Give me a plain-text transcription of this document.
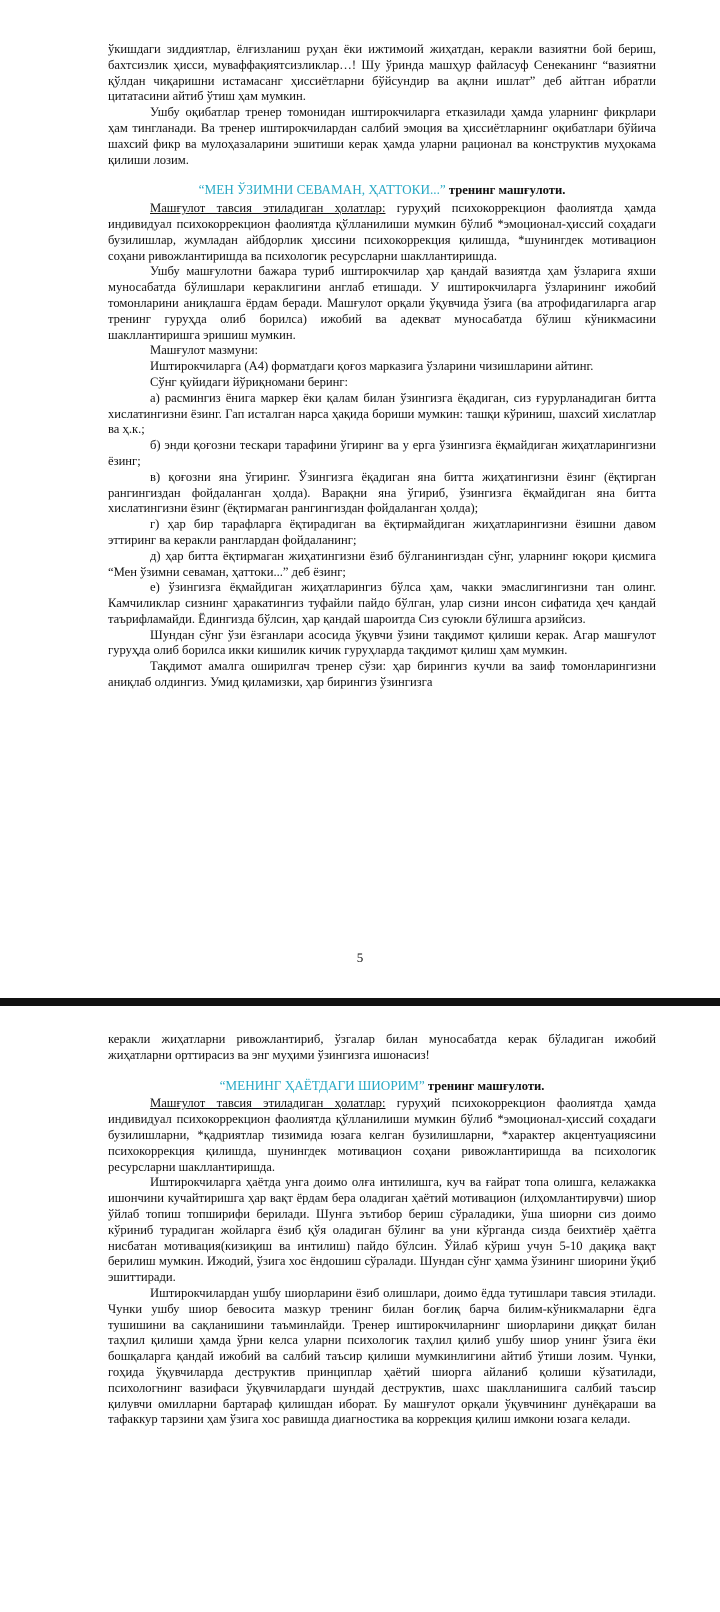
ўкишдаги зиддиятлар, ёлғизланиш руҳан ёки ижтимоий жиҳатдан, керакли вазиятни бой бериш, бахтсизлик ҳисси, муваффақиятсизликлар…! Шу ўринда машҳур файласуф Сенеканинг “вазиятни қўлдан чиқаришни истамасанг ҳиссиётларни бўйсундир ва ақлни ишлат” деб айтган ибратли цитатасини айтиб ўтиш ҳам мумкин.

Ушбу оқибатлар тренер томонидан иштирокчиларга етказилади ҳамда уларнинг фикрлари ҳам тингланади. Ва тренер иштирокчилардан салбий эмоция ва ҳиссиётларнинг оқибатлари бўйича шахсий фикр ва мулоҳазаларини эшитиши керак ҳамда уларни рационал ва конструктив муҳокама қилиши лозим.

“МЕН ЎЗИМНИ СЕВАМАН, ҲАТТОКИ...” тренинг машғулоти.

Машғулот тавсия этиладиган ҳолатлар: гуруҳий психокоррекцион фаолиятда ҳамда индивидуал психокоррекцион фаолиятда қўлланилиши мумкин бўлиб *эмоционал-ҳиссий соҳадаги бузилишлар, жумладан айбдорлик ҳиссини психокоррекция қилишда, *шунингдек мотивацион соҳани ривожлантиришда ва психологик ресурсларни шакллантиришда.

Ушбу машғулотни бажара туриб иштирокчилар ҳар қандай вазиятда ҳам ўзларига яхши муносабатда бўлишлари кераклигини англаб етишади. У иштирокчиларга ўзларининг ижобий томонларини аниқлашга ёрдам беради. Машғулот орқали ўқувчида ўзига (ва атрофидагиларга агар тренинг гуруҳда олиб борилса) ижобий ва адекват муносабатда бўлиш кўникмасини шакллантиришга эришиш мумкин.

Машғулот мазмуни:

Иштирокчиларга (А4) форматдаги қоғоз марказига ўзларини чизишларини айтинг.

Сўнг қуйидаги йўриқномани беринг:

а) расмингиз ёнига маркер ёки қалам билан ўзингизга ёқадиган, сиз ғурурланадиган битта хислатингизни ёзинг. Гап исталган нарса ҳақида бориши мумкин: ташқи кўриниш, шахсий хислатлар ва ҳ.к.;

б) энди қоғозни тескари тарафини ўгиринг ва у ерга ўзингизга ёқмайдиган жиҳатларингизни ёзинг;

в) қоғозни яна ўгиринг. Ўзингизга ёқадиган яна битта жиҳатингизни ёзинг (ёқтирган рангингиздан фойдаланган ҳолда). Варақни яна ўгириб, ўзингизга ёқмайдиган яна битта хислатингизни ёзинг (ёқтирмаган рангингиздан фойдаланган ҳолда);

г) ҳар бир тарафларга ёқтирадиган ва ёқтирмайдиган жиҳатларингизни ёзишни давом эттиринг ва керакли ранглардан фойдаланинг;

д) ҳар битта ёқтирмаган жиҳатингизни ёзиб бўлганингиздан сўнг, уларнинг юқори қисмига “Мен ўзимни севаман, ҳаттоки...” деб ёзинг;

е) ўзингизга ёқмайдиган жиҳатларингиз бўлса ҳам, чакки эмаслигингизни тан олинг. Камчиликлар сизнинг ҳаракатингиз туфайли пайдо бўлган, улар сизни инсон сифатида ҳеч қандай таърифламайди. Ёдингизда бўлсин, ҳар қандай шароитда Сиз суюкли бўлишга арзийсиз.

Шундан сўнг ўзи ёзганлари асосида ўқувчи ўзини тақдимот қилиши керак. Агар машғулот гуруҳда олиб борилса икки кишилик кичик гуруҳларда тақдимот қилиш ҳам мумкин.

Тақдимот амалга оширилгач тренер сўзи: ҳар бирингиз кучли ва заиф томонларингизни аниқлаб олдингиз. Умид қиламизки, ҳар бирингиз ўзингизга

5

керакли жиҳатларни ривожлантириб, ўзгалар билан муносабатда керак бўладиган ижобий жиҳатларни орттирасиз ва энг муҳими ўзингизга ишонасиз!

“МЕНИНГ ҲАЁТДАГИ ШИОРИМ” тренинг машғулоти.

Машғулот тавсия этиладиган ҳолатлар: гуруҳий психокоррекцион фаолиятда ҳамда индивидуал психокоррекцион фаолиятда қўлланилиши мумкин бўлиб *эмоционал-ҳиссий соҳадаги бузилишларни, *қадриятлар тизимида юзага келган бузилишларни, *характер акцентуациясини психокоррекция қилишда, шунингдек мотивацион соҳани ривожлантиришда ва психологик ресурсларни шакллантиришда.

Иштирокчиларга ҳаётда унга доимо олға интилишга, куч ва ғайрат топа олишга, келажакка ишончини кучайтиришга ҳар вақт ёрдам бера оладиган ҳаётий мотивацион (илҳомлантирувчи) шиор ўйлаб топиш топширифи берилади. Шунга эътибор бериш сўраладики, ўша шиорни сиз доимо кўриниб турадиган жойларга ёзиб қўя оладиган бўлинг ва уни кўрганда сизда беихтиёр ҳаётга нисбатан мотивация(кизиқиш ва интилиш) пайдо бўлсин. Ўйлаб кўриш учун 5-10 дақиқа вақт берилиш мумкин. Ижодий, ўзига хос ёндошиш сўралади. Шундан сўнг ҳамма ўзининг шиорини ўқиб эшиттиради.

Иштирокчилардан ушбу шиорларини ёзиб олишлари, доимо ёдда тутишлари тавсия этилади. Чунки ушбу шиор бевосита мазкур тренинг билан боғлиқ барча билим-кўникмаларни ёдга тушишини ва сақланишини таъминлайди. Тренер иштирокчиларнинг шиорларини диққат билан таҳлил қилиши ҳамда ўрни келса уларни психологик таҳлил қилиб ушбу шиор унинг ўзига ёки бошқаларга қандай ижобий ва салбий таъсир қилиши мумкинлигини айтиб ўтиши лозим. Чунки, гоҳида ўқувчиларда деструктив принциплар ҳаётий шиорга айланиб қолиши кўзатилади, психологнинг вазифаси ўқувчилардаги шундай деструктив, шахс шаклланишига салбий таъсир қилувчи омилларни бартараф қилишдан иборат. Бу машғулот орқали ўқувчининг дунёқараши ва тафаккур тарзини ҳам ўзига хос равишда диагностика ва коррекция қилиш имкони юзага келади.
